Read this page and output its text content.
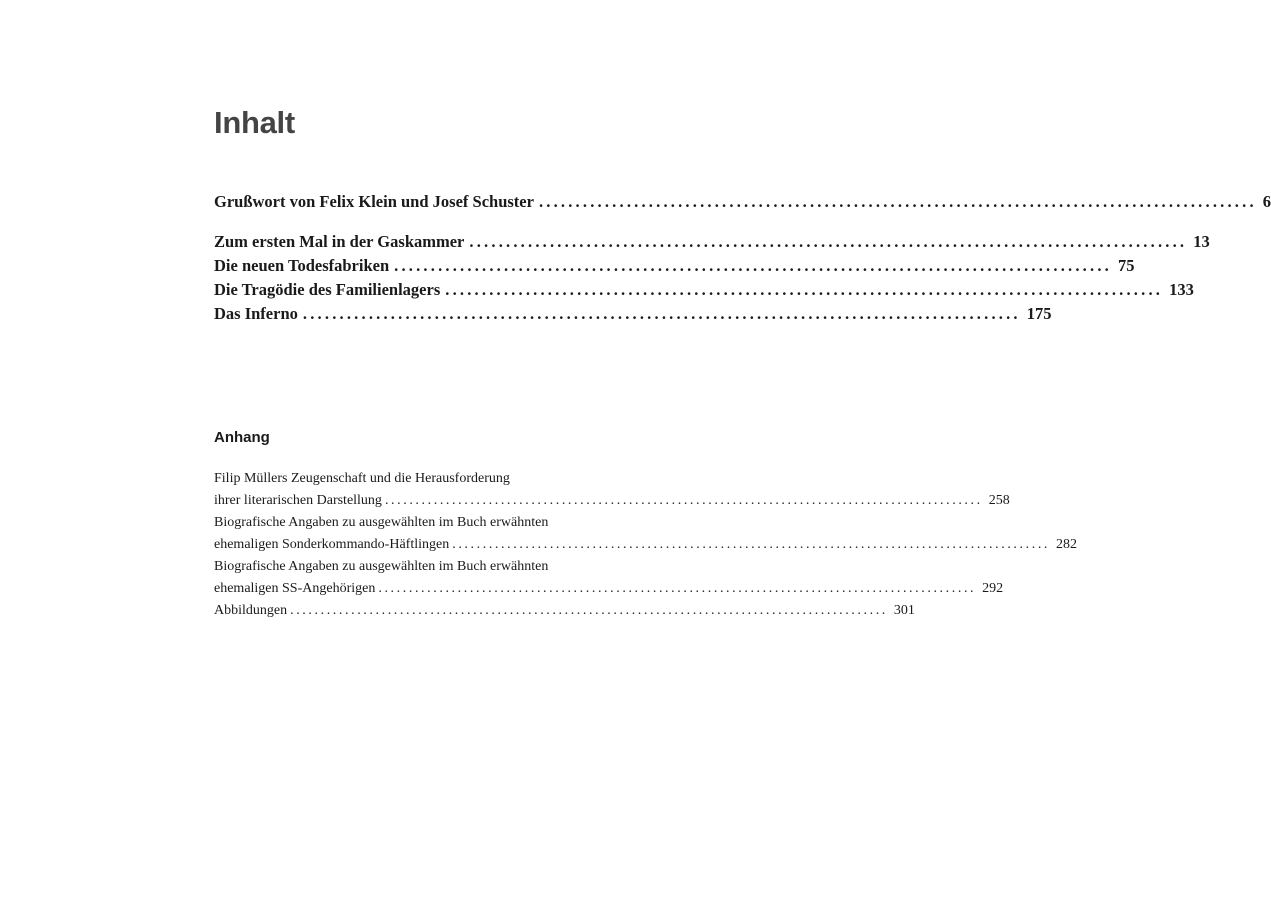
Inhalt
Grußwort von Felix Klein und Josef Schuster .................................................................................................. 6
Zum ersten Mal in der Gaskammer .................................................................................................. 13
Die neuen Todesfabriken .................................................................................................. 75
Die Tragödie des Familienlagers .................................................................................................. 133
Das Inferno .................................................................................................. 175
Anhang
Filip Müllers Zeugenschaft und die Herausforderung
ihrer literarischen Darstellung .................................................................................................. 258
Biografische Angaben zu ausgewählten im Buch erwähnten
ehemaligen Sonderkommando-Häftlingen .................................................................................................. 282
Biografische Angaben zu ausgewählten im Buch erwähnten
ehemaligen SS-Angehörigen .................................................................................................. 292
Abbildungen .................................................................................................. 301
